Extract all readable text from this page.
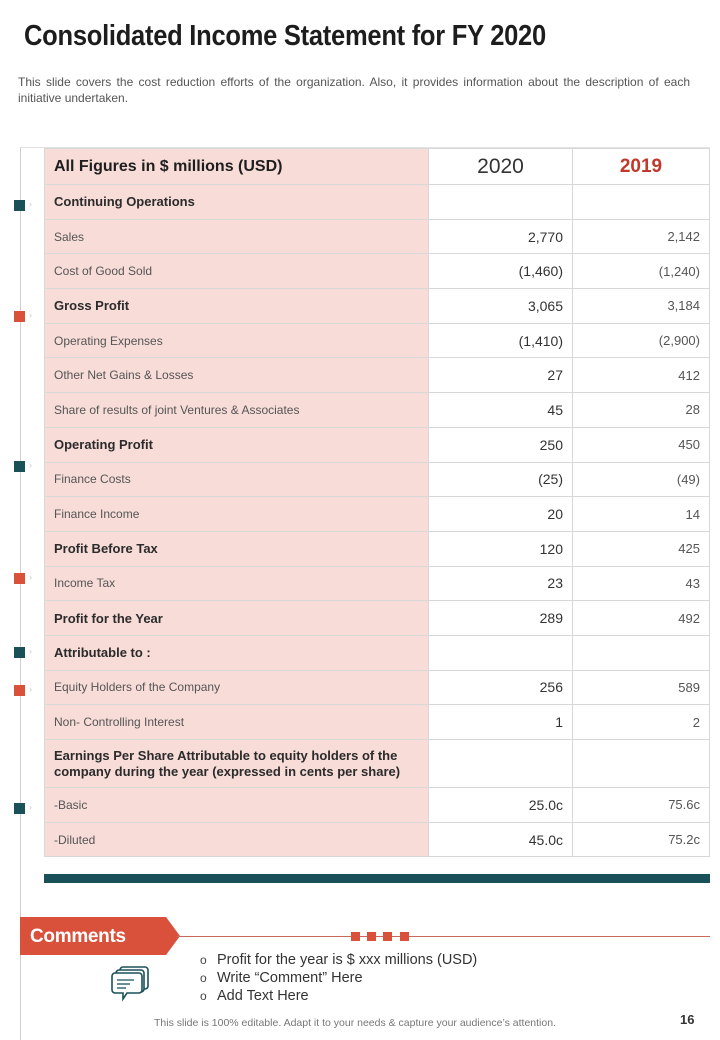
Consolidated Income Statement for FY 2020
This slide covers the cost reduction efforts of the organization. Also, it provides information about the description of each initiative undertaken.
All Figures in $ millions (USD)	2020	2019
Continuing Operations		
Sales	2,770	2,142
Cost of Good Sold	(1,460)	(1,240)
Gross Profit	3,065	3,184
Operating Expenses	(1,410)	(2,900)
Other Net Gains & Losses	27	412
Share of results of joint Ventures & Associates	45	28
Operating Profit	250	450
Finance Costs	(25)	(49)
Finance Income	20	14
Profit Before Tax	120	425
Income Tax	23	43
Profit for the Year	289	492
Attributable to :		
Equity Holders of the Company	256	589
Non- Controlling Interest	1	2
Earnings Per Share Attributable to equity holders of the company during the year (expressed in cents per share)		
-Basic	25.0c	75.6c
-Diluted	45.0c	75.2c
›
›
›
›
›
›
›
Comments
o Profit for the year is $ xxx millions (USD)
o Write “Comment” Here
o Add Text Here
This slide is 100% editable. Adapt it to your needs & capture your audience’s attention.	16
